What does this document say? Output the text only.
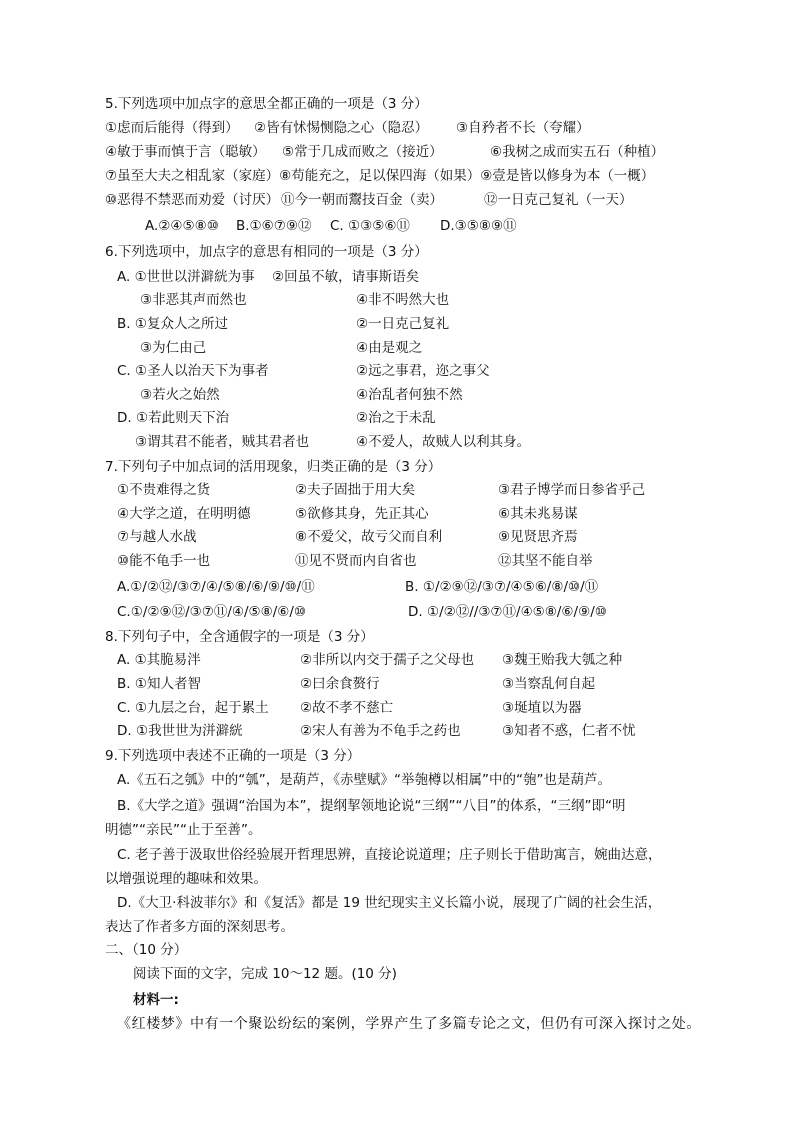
5.下列选项中加点字的意思全都正确的一项是（3 分）
①虑而后能得（得到） ②皆有怵惕恻隐之心（隐忍） ③自矜者不长（夸耀）
④敏于事而慎于言（聪敏） ⑤常于几成而败之（接近）	⑥我树之成而实五石（种植）
⑦虽至大夫之相乱家（家庭）⑧苟能充之，足以保四海（如果）⑨壹是皆以修身为本（一概）
⑩恶得不禁恶而劝爱（讨厌） ⑪今一朝而鬻技百金（卖）	⑫一日克己复礼（一天）
A.②④⑤⑧⑩ B.①⑥⑦⑨⑫ C. ①③⑤⑥⑪ D.③⑤⑧⑨⑪
6.下列选项中，加点字的意思有相同的一项是（3 分）
A. ①世世以洴澼絖为事 ②回虽不敏，请事斯语矣
③非恶其声而然也	④非不呺然大也
B. ①复众人之所过	②一日克己复礼
③为仁由己	④由是观之
C. ①圣人以治天下为事者	②远之事君，迩之事父
③若火之始然	④治乱者何独不然
D. ①若此则天下治	②治之于未乱
③谓其君不能者，贼其君者也	④不爱人，故贼人以利其身。
7.下列句子中加点词的活用现象，归类正确的是（3 分）
①不贵难得之货	②夫子固拙于用大矣	③君子博学而日参省乎己
④大学之道，在明明德	⑤欲修其身，先正其心	⑥其未兆易谋
⑦与越人水战	⑧不爱父，故亏父而自利	⑨见贤思齐焉
⑩能不龟手一也	⑪见不贤而内自省也	⑫其坚不能自举
A.①/②⑫/③⑦/④/⑤⑧/⑥/⑨/⑩/⑪	B. ①/②⑨⑫/③⑦/④⑤⑥/⑧/⑩/⑪
C.①/②⑨⑫/③⑦⑪/④/⑤⑧/⑥/⑩	D. ①/②⑫//③⑦⑪/④⑤⑧/⑥/⑨/⑩
8.下列句子中，全含通假字的一项是（3 分）
A. ①其脆易泮	②非所以内交于孺子之父母也 ③魏王贻我大瓠之种
B. ①知人者智	②曰余食赘行	③当察乱何自起
C. ①九层之台，起于累土 ②故不孝不慈亡	③埏埴以为器
D. ①我世世为洴澼絖	②宋人有善为不龟手之药也	③知者不惑，仁者不忧
9.下列选项中表述不正确的一项是（3 分）
A.《五石之瓠》中的“瓠”，是葫芦，《赤壁赋》“举匏樽以相属”中的“匏”也是葫芦。
B.《大学之道》强调“治国为本”，提纲挈领地论说“三纲”“八目”的体系，“三纲”即“明
明德”“亲民”“止于至善”。
C. 老子善于汲取世俗经验展开哲理思辨，直接论说道理；庄子则长于借助寓言，婉曲达意，
以增强说理的趣味和效果。
D.《大卫·科波菲尔》和《复活》都是 19 世纪现实主义长篇小说，展现了广阔的社会生活，
表达了作者多方面的深刻思考。
二、（10 分）
阅读下面的文字，完成 10～12 题。(10 分)
材料一:
《红楼梦》中有一个聚讼纷纭的案例，学界产生了多篇专论之文，但仍有可深入探讨之处。
